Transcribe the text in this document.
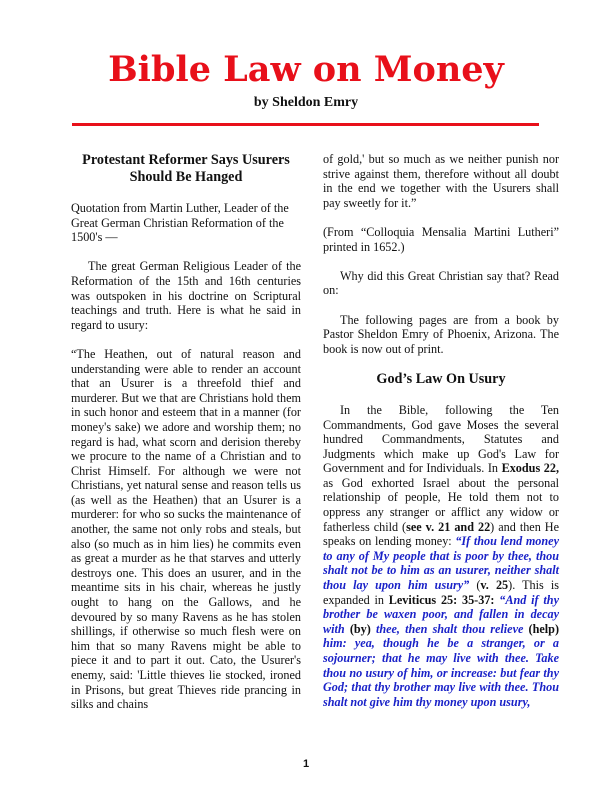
Bible Law on Money
by Sheldon Emry
Protestant Reformer Says Usurers Should Be Hanged

Quotation from Martin Luther, Leader of the Great German Christian Reformation of the 1500's —

The great German Religious Leader of the Reformation of the 15th and 16th centuries was outspoken in his doctrine on Scriptural teachings and truth. Here is what he said in regard to usury:

“The Heathen, out of natural reason and understanding were able to render an account that an Usurer is a threefold thief and murderer. But we that are Christians hold them in such honor and esteem that in a manner (for money's sake) we adore and worship them; no regard is had, what scorn and derision thereby we procure to the name of a Christian and to Christ Himself. For although we were not Christians, yet natural sense and reason tells us (as well as the Heathen) that an Usurer is a murderer: for who so sucks the maintenance of another, the same not only robs and steals, but also (so much as in him lies) he commits even as great a murder as he that starves and utterly destroys one. This does an usurer, and in the meantime sits in his chair, whereas he justly ought to hang on the Gallows, and he devoured by so many Ravens as he has stolen shillings, if otherwise so much flesh were on him that so many Ravens might be able to piece it and to part it out. Cato, the Usurer's enemy, said: 'Little thieves lie stocked, ironed in Prisons, but great Thieves ride prancing in silks and chains

of gold,' but so much as we neither punish nor strive against them, therefore without all doubt in the end we together with the Usurers shall pay sweetly for it.”

(From “Colloquia Mensalia Martini Lutheri” printed in 1652.)

Why did this Great Christian say that? Read on:

The following pages are from a book by Pastor Sheldon Emry of Phoenix, Arizona. The book is now out of print.

God’s Law On Usury

In the Bible, following the Ten Commandments, God gave Moses the several hundred Commandments, Statutes and Judgments which make up God's Law for Government and for Individuals. In Exodus 22, as God exhorted Israel about the personal relationship of people, He told them not to oppress any stranger or afflict any widow or fatherless child (see v. 21 and 22) and then He speaks on lending money: “If thou lend money to any of My people that is poor by thee, thou shalt not be to him as an usurer, neither shalt thou lay upon him usury” (v. 25). This is expanded in Leviticus 25: 35-37: “And if thy brother be waxen poor, and fallen in decay with (by) thee, then shalt thou relieve (help) him: yea, though he be a stranger, or a sojourner; that he may live with thee. Take thou no usury of him, or increase: but fear thy God; that thy brother may live with thee. Thou shalt not give him thy money upon usury,

1
